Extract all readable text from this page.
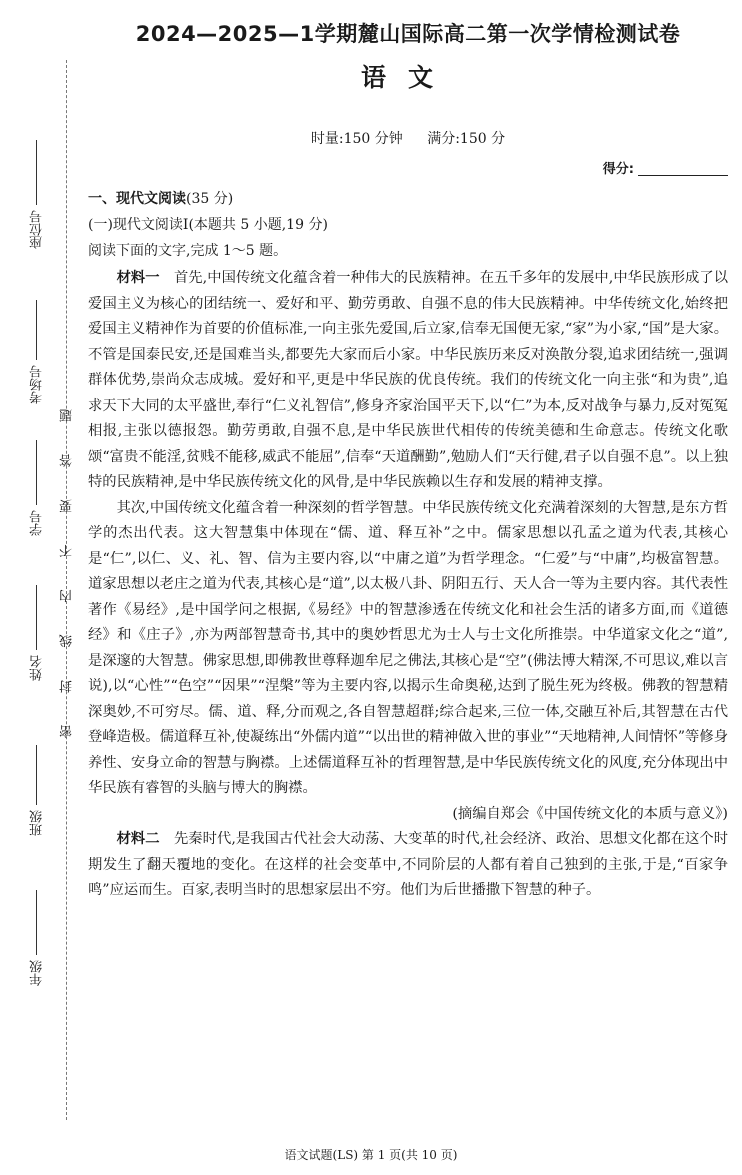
座位号
考场号
学号
姓名
班级
年级
密 封 线 内 不 要 答 题
2024—2025—1学期麓山国际高二第一次学情检测试卷
语文
时量:150 分钟 满分:150 分
得分:
一、现代文阅读(35 分)
(一)现代文阅读Ⅰ(本题共 5 小题,19 分)
阅读下面的文字,完成 1～5 题。

材料一　 首先,中国传统文化蕴含着一种伟大的民族精神。在五千多年的发展中,中华民族形成了以爱国主义为核心的团结统一、爱好和平、勤劳勇敢、自强不息的伟大民族精神。中华传统文化,始终把爱国主义精神作为首要的价值标准,一向主张先爱国,后立家,信奉无国便无家,“家”为小家,“国”是大家。不管是国泰民安,还是国难当头,都要先大家而后小家。中华民族历来反对涣散分裂,追求团结统一,强调群体优势,崇尚众志成城。爱好和平,更是中华民族的优良传统。我们的传统文化一向主张“和为贵”,追求天下大同的太平盛世,奉行“仁义礼智信”,修身齐家治国平天下,以“仁”为本,反对战争与暴力,反对冤冤相报,主张以德报怨。勤劳勇敢,自强不息,是中华民族世代相传的传统美德和生命意志。传统文化歌颂“富贵不能淫,贫贱不能移,威武不能屈”,信奉“天道酬勤”,勉励人们“天行健,君子以自强不息”。以上独特的民族精神,是中华民族传统文化的风骨,是中华民族赖以生存和发展的精神支撑。

其次,中国传统文化蕴含着一种深刻的哲学智慧。中华民族传统文化充满着深刻的大智慧,是东方哲学的杰出代表。这大智慧集中体现在“儒、道、释互补”之中。儒家思想以孔孟之道为代表,其核心是“仁”,以仁、义、礼、智、信为主要内容,以“中庸之道”为哲学理念。“仁爱”与“中庸”,均极富智慧。道家思想以老庄之道为代表,其核心是“道”,以太极八卦、阴阳五行、天人合一等为主要内容。其代表性著作《易经》,是中国学问之根据,《易经》中的智慧渗透在传统文化和社会生活的诸多方面,而《道德经》和《庄子》,亦为两部智慧奇书,其中的奥妙哲思尤为士人与士文化所推崇。中华道家文化之“道”,是深邃的大智慧。佛家思想,即佛教世尊释迦牟尼之佛法,其核心是“空”(佛法博大精深,不可思议,难以言说),以“心性”“色空”“因果”“涅槃”等为主要内容,以揭示生命奥秘,达到了脱生死为终极。佛教的智慧精深奥妙,不可穷尽。儒、道、释,分而观之,各自智慧超群;综合起来,三位一体,交融互补后,其智慧在古代登峰造极。儒道释互补,使凝练出“外儒内道”“以出世的精神做入世的事业”“天地精神,人间情怀”等修身养性、安身立命的智慧与胸襟。上述儒道释互补的哲理智慧,是中华民族传统文化的风度,充分体现出中华民族有睿智的头脑与博大的胸襟。

(摘编自郑会《中国传统文化的本质与意义》)

材料二　 先秦时代,是我国古代社会大动荡、大变革的时代,社会经济、政治、思想文化都在这个时期发生了翻天覆地的变化。在这样的社会变革中,不同阶层的人都有着自己独到的主张,于是,“百家争鸣”应运而生。百家,表明当时的思想家层出不穷。他们为后世播撒下智慧的种子。

语文试题(LS) 第 1 页(共 10 页)
